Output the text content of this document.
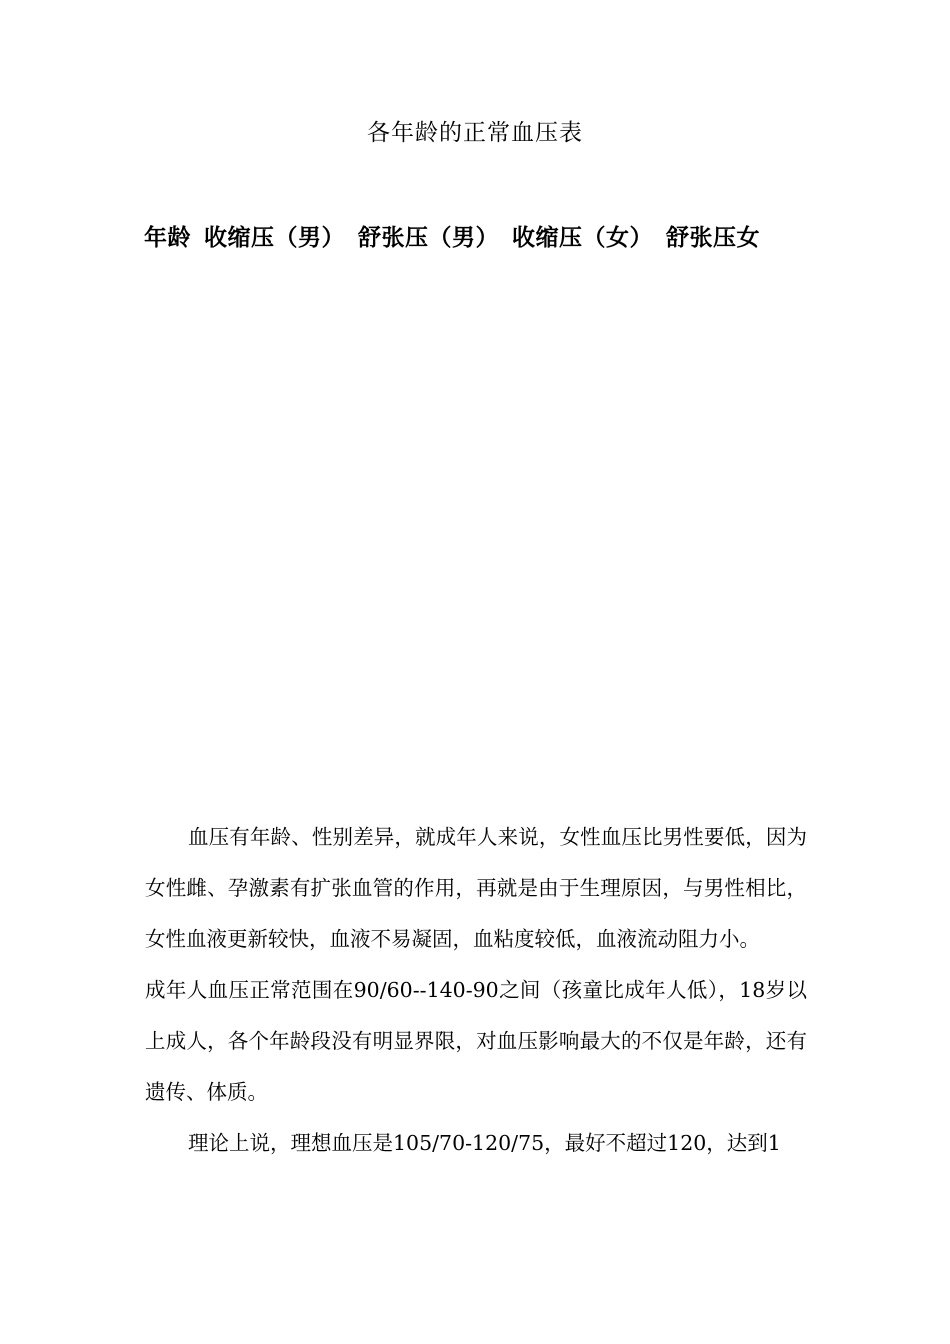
各年龄的正常血压表
年龄 收缩压（男） 舒张压（男） 收缩压（女） 舒张压女

血压有年龄、性别差异，就成年人来说，女性血压比男性要低，因为女性雌、孕激素有扩张血管的作用，再就是由于生理原因，与男性相比，女性血液更新较快，血液不易凝固，血粘度较低，血液流动阻力小。

成年人血压正常范围在90/60--140-90之间（孩童比成年人低），18岁以上成人，各个年龄段没有明显界限，对血压影响最大的不仅是年龄，还有遗传、体质。

理论上说，理想血压是105/70-120/75，最好不超过120，达到1
